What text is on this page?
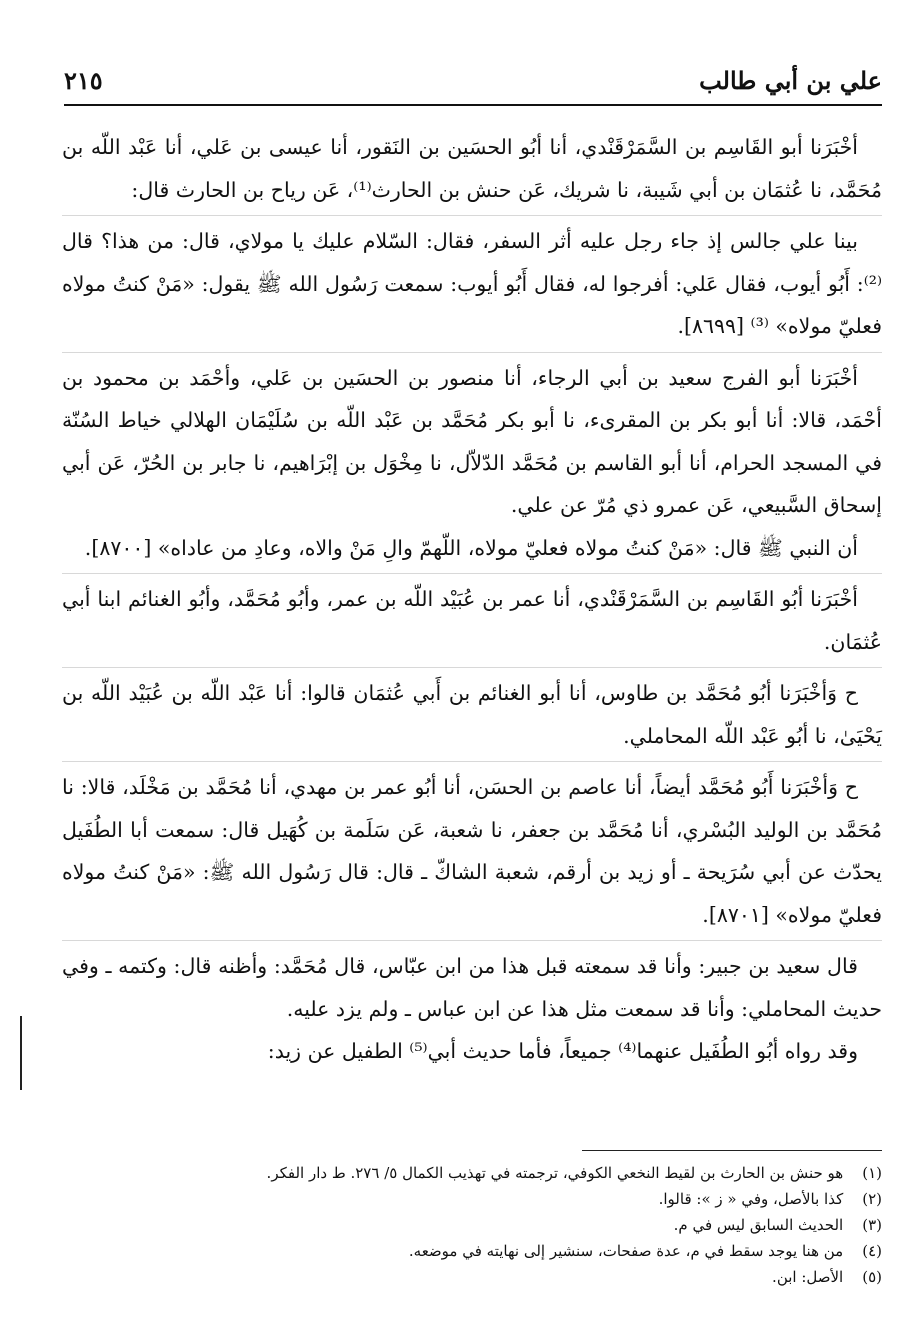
علي بن أبي طالب
٢١٥

أخْبَرَنا أبو القَاسِم بن السَّمَرْقَنْدي، أنا أبُو الحسَين بن النَقور، أنا عيسى بن عَلي، أنا عَبْد اللّه بن مُحَمَّد، نا عُثمَان بن أبي شَيبة، نا شريك، عَن حنش بن الحارث⁽¹⁾، عَن رياح بن الحارث قال:

بينا علي جالس إذ جاء رجل عليه أثر السفر، فقال: السّلام عليك يا مولاي، قال: من هذا؟ قال ⁽²⁾: أَبُو أيوب، فقال عَلي: أفرجوا له، فقال أَبُو أيوب: سمعت رَسُول الله ﷺ يقول: «مَنْ كنتُ مولاه فعليّ مولاه» ⁽³⁾ [٨٦٩٩].

أخْبَرَنا أبو الفرج سعيد بن أبي الرجاء، أنا منصور بن الحسَين بن عَلي، وأحْمَد بن محمود بن أحْمَد، قالا: أنا أبو بكر بن المقرىء، نا أبو بكر مُحَمَّد بن عَبْد اللّه بن سُلَيْمَان الهلالي خياط السُنّة في المسجد الحرام، أنا أبو القاسم بن مُحَمَّد الدّلاّل، نا مِخْوَل بن إبْرَاهيم، نا جابر بن الحُرّ، عَن أبي إسحاق السَّبيعي، عَن عمرو ذي مُرّ عن علي.

أن النبي ﷺ قال: «مَنْ كنتُ مولاه فعليّ مولاه، اللّهمّ والِ مَنْ والاه، وعادِ من عاداه» [٨٧٠٠].

أخْبَرَنا أبُو القَاسِم بن السَّمَرْقَنْدي، أنا عمر بن عُبَيْد اللّه بن عمر، وأبُو مُحَمَّد، وأبُو الغنائم ابنا أبي عُثمَان.

ح وَأخْبَرَنا أبُو مُحَمَّد بن طاوس، أنا أبو الغنائم بن أَبي عُثمَان قالوا: أنا عَبْد اللّه بن عُبَيْد اللّه بن يَحْيَىٰ، نا أبُو عَبْد اللّه المحاملي.

ح وَأخْبَرَنا أَبُو مُحَمَّد أيضاً، أنا عاصم بن الحسَن، أنا أبُو عمر بن مهدي، أنا مُحَمَّد بن مَخْلَد، قالا: نا مُحَمَّد بن الوليد البُسْري، أنا مُحَمَّد بن جعفر، نا شعبة، عَن سَلَمة بن كُهَيل قال: سمعت أبا الطُفَيل يحدّث عن أبي سُرَيحة ـ أو زيد بن أرقم، شعبة الشاكّ ـ قال: قال رَسُول الله ﷺ: «مَنْ كنتُ مولاه فعليّ مولاه» [٨٧٠١].

قال سعيد بن جبير: وأنا قد سمعته قبل هذا من ابن عبّاس، قال مُحَمَّد: وأظنه قال: وكتمه ـ وفي حديث المحاملي: وأنا قد سمعت مثل هذا عن ابن عباس ـ ولم يزد عليه.

وقد رواه أبُو الطُفَيل عنهما⁽⁴⁾ جميعاً، فأما حديث أبي⁽⁵⁾ الطفيل عن زيد:

(١) هو حنش بن الحارث بن لقيط النخعي الكوفي، ترجمته في تهذيب الكمال ٥/ ٢٧٦. ط دار الفكر.

(٢) كذا بالأصل، وفي « ز »: قالوا.

(٣) الحديث السابق ليس في م.

(٤) من هنا يوجد سقط في م، عدة صفحات، سنشير إلى نهايته في موضعه.

(٥) الأصل: ابن.
